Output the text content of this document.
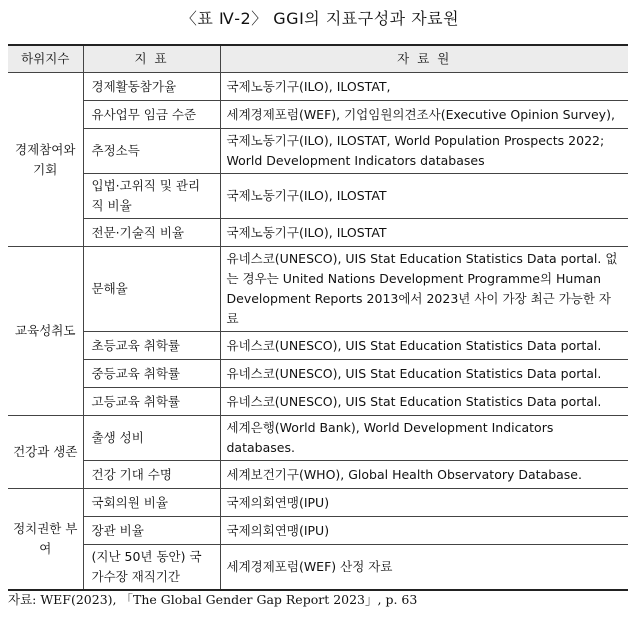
〈표 Ⅳ-2〉 GGI의 지표구성과 자료원
하위지수	지 표	자 료 원
경제참여와 기회	경제활동참가율	국제노동기구(ILO), ILOSTAT,
	유사업무 임금 수준	세계경제포럼(WEF), 기업임원의견조사(Executive Opinion Survey),
	추정소득	국제노동기구(ILO), ILOSTAT, World Population Prospects 2022; World Development Indicators databases
	입법·고위직 및 관리직 비율	국제노동기구(ILO), ILOSTAT
	전문·기술직 비율	국제노동기구(ILO), ILOSTAT
교육성취도	문해율	유네스코(UNESCO), UIS Stat Education Statistics Data portal. 없는 경우는 United Nations Development Programme의 Human Development Reports 2013에서 2023년 사이 가장 최근 가능한 자료
	초등교육 취학률	유네스코(UNESCO), UIS Stat Education Statistics Data portal.
	중등교육 취학률	유네스코(UNESCO), UIS Stat Education Statistics Data portal.
	고등교육 취학률	유네스코(UNESCO), UIS Stat Education Statistics Data portal.
건강과 생존	출생 성비	세계은행(World Bank), World Development Indicators databases.
	건강 기대 수명	세계보건기구(WHO), Global Health Observatory Database.
정치권한 부여	국회의원 비율	국제의회연맹(IPU)
	장관 비율	국제의회연맹(IPU)
	(지난 50년 동안) 국가수장 재직기간	세계경제포럼(WEF) 산정 자료
자료: WEF(2023), 「The Global Gender Gap Report 2023」, p. 63
